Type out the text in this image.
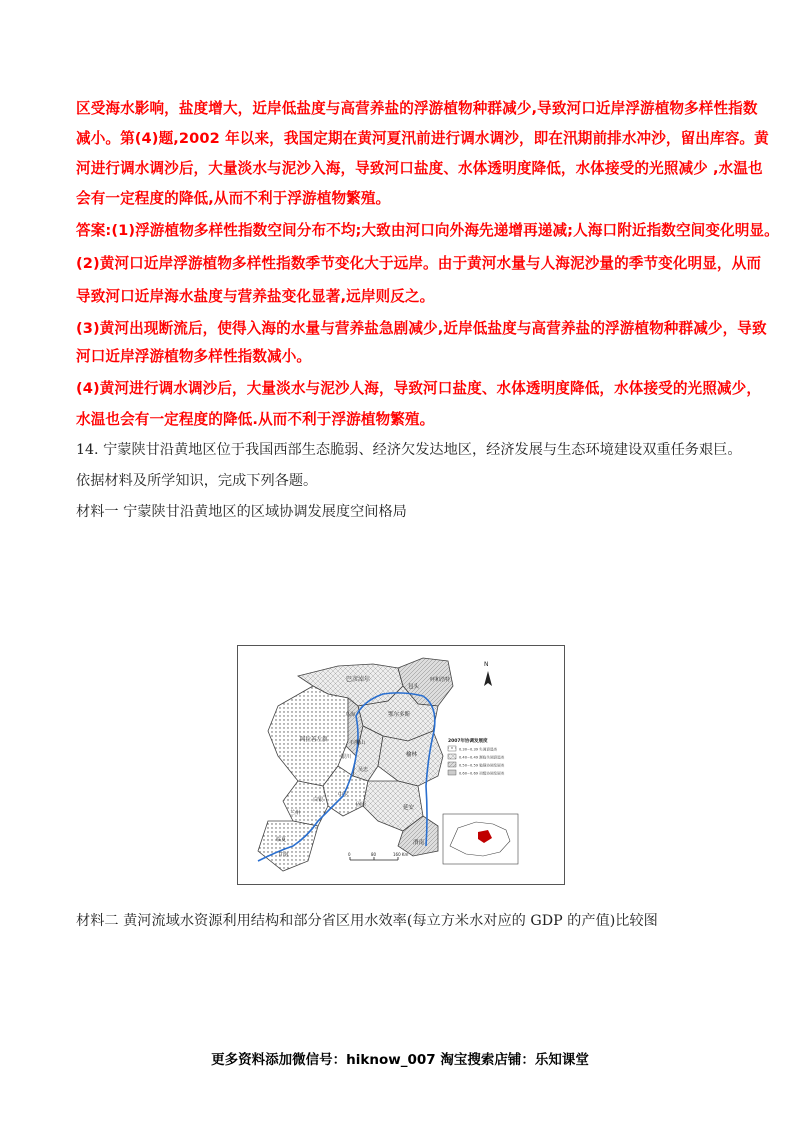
区受海水影响，盐度增大，近岸低盐度与高营养盐的浮游植物种群减少,导致河口近岸浮游植物多样性指数
减小。第(4)题,2002 年以来，我国定期在黄河夏汛前进行调水调沙，即在汛期前排水冲沙，留出库容。黄
河进行调水调沙后，大量淡水与泥沙入海，导致河口盐度、水体透明度降低，水体接受的光照减少 ,水温也
会有一定程度的降低,从而不利于浮游植物繁殖。
答案:(1)浮游植物多样性指数空间分布不均;大致由河口向外海先递增再递减;人海口附近指数空间变化明显。
(2)黄河口近岸浮游植物多样性指数季节变化大于远岸。由于黄河水量与人海泥沙量的季节变化明显，从而
导致河口近岸海水盐度与营养盐变化显著,远岸则反之。
(3)黄河出现断流后，使得入海的水量与营养盐急剧减少,近岸低盐度与高营养盐的浮游植物种群减少，导致
河口近岸浮游植物多样性指数减小。
(4)黄河进行调水调沙后，大量淡水与泥沙人海，导致河口盐度、水体透明度降低，水体接受的光照减少，
水温也会有一定程度的降低.从而不利于浮游植物繁殖。
14. 宁蒙陕甘沿黄地区位于我国西部生态脆弱、经济欠发达地区，经济发展与生态环境建设双重任务艰巨。
依据材料及所学知识，完成下列各题。
材料一 宁蒙陕甘沿黄地区的区域协调发展度空间格局
巴彦淖尔
包头
呼和浩特
鄂尔多斯
阿拉善左旗
乌海
石嘴山
银川
吴忠
中卫
固原
白银
兰州
临夏
甘南
榆林
延安
渭南
N
2007年协调发展度
0.30~0.39 失调衰退类
0.40~0.49 濒临失调衰退类
0.50~0.59 勉强协调发展类
0.60~0.69 初级协调发展类
0	80	160 Km
材料二 黄河流域水资源利用结构和部分省区用水效率(每立方米水对应的 GDP 的产值)比较图
更多资料添加微信号：hiknow_007 淘宝搜索店铺：乐知课堂
